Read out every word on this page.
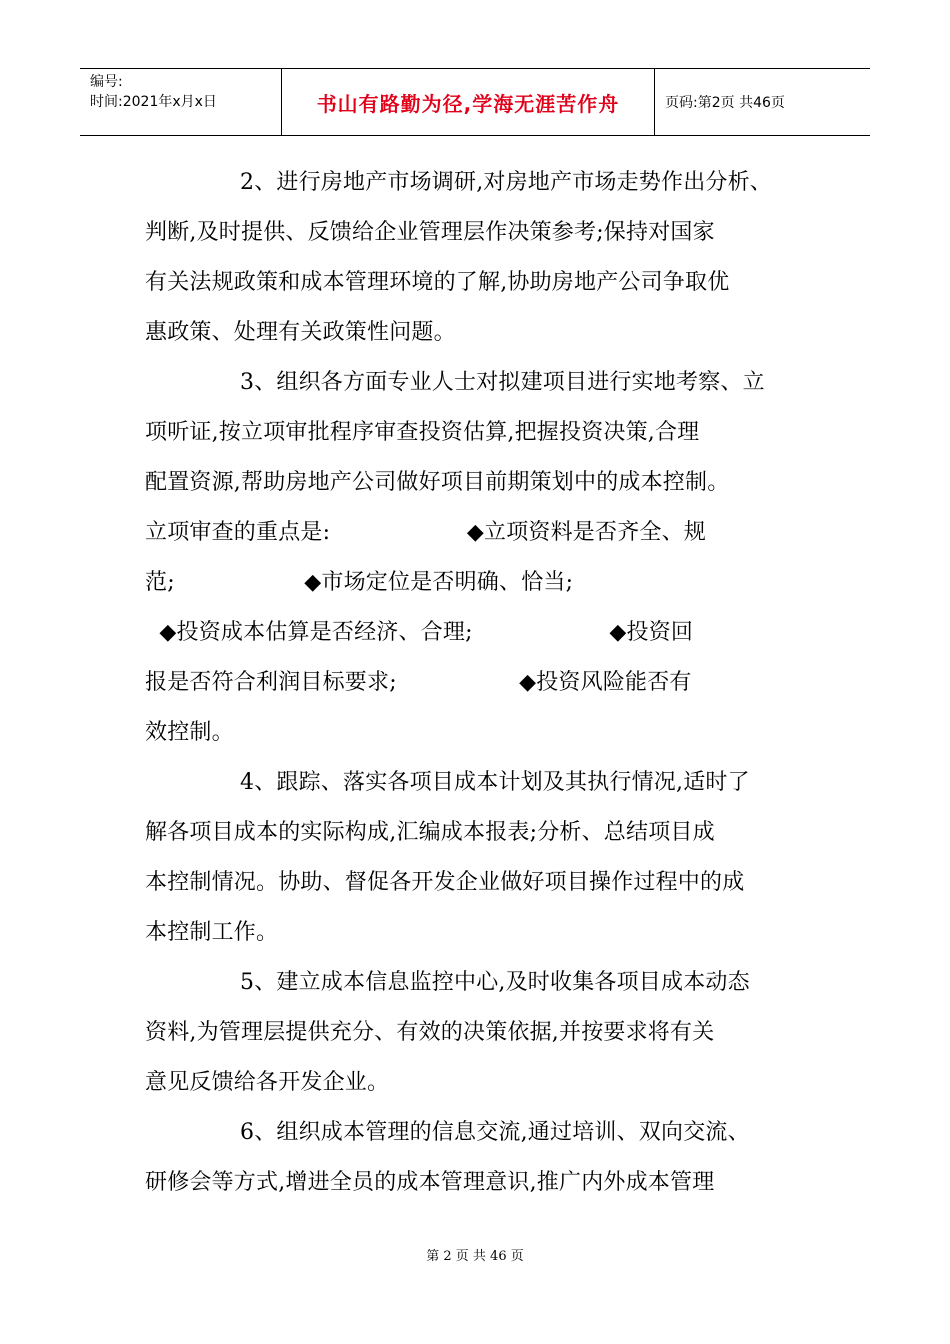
编号:
时间:2021年x月x日	书山有路勤为径,学海无涯苦作舟	页码:第2页 共46页
2、进行房地产市场调研,对房地产市场走势作出分析、
判断,及时提供、反馈给企业管理层作决策参考;保持对国家
有关法规政策和成本管理环境的了解,协助房地产公司争取优
惠政策、处理有关政策性问题。
3、组织各方面专业人士对拟建项目进行实地考察、立
项听证,按立项审批程序审查投资估算,把握投资决策,合理
配置资源,帮助房地产公司做好项目前期策划中的成本控制。
立项审查的重点是:                   ◆立项资料是否齐全、规
范;                  ◆市场定位是否明确、恰当;
◆投资成本估算是否经济、合理;                   ◆投资回
报是否符合利润目标要求;                 ◆投资风险能否有
效控制。
4、跟踪、落实各项目成本计划及其执行情况,适时了
解各项目成本的实际构成,汇编成本报表;分析、总结项目成
本控制情况。协助、督促各开发企业做好项目操作过程中的成
本控制工作。
5、建立成本信息监控中心,及时收集各项目成本动态
资料,为管理层提供充分、有效的决策依据,并按要求将有关
意见反馈给各开发企业。
6、组织成本管理的信息交流,通过培训、双向交流、
研修会等方式,增进全员的成本管理意识,推广内外成本管理
第 2 页 共 46 页
